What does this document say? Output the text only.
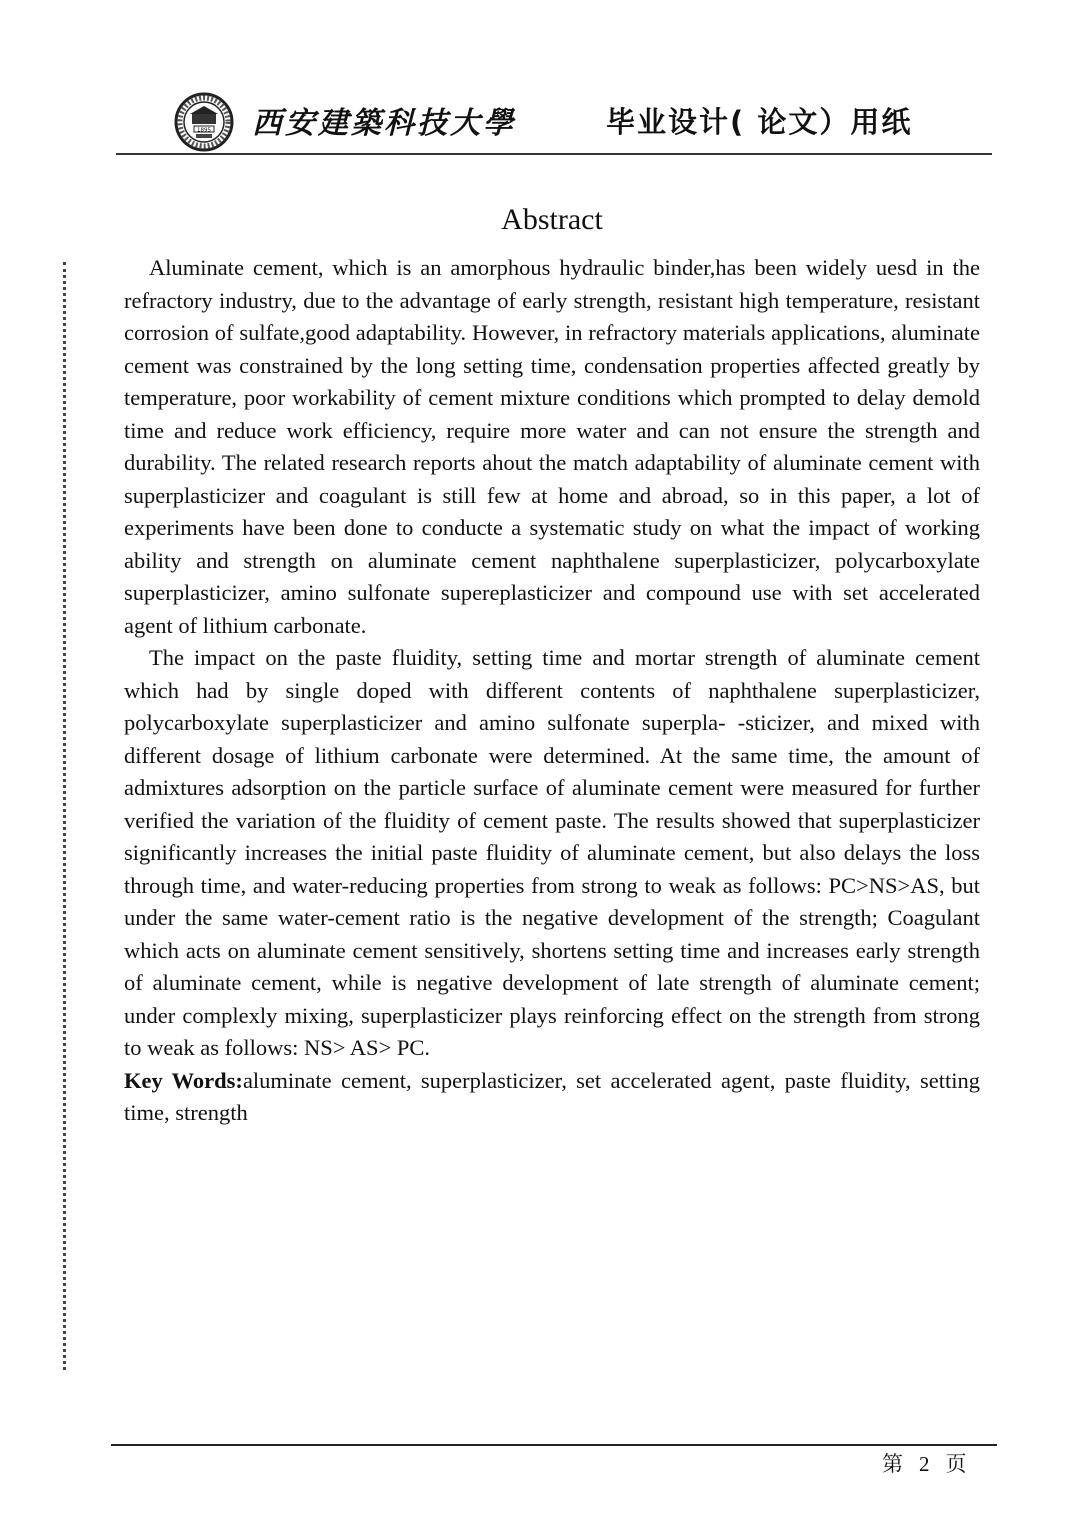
1895 西安建築科技大學	毕业设计( 论文）用纸
Abstract

Aluminate cement, which is an amorphous hydraulic binder,has been widely uesd in the refractory industry, due to the advantage of early strength, resistant high temperature, resistant corrosion of sulfate,good adaptability. However, in refractory materials applications, aluminate cement was constrained by the long setting time, condensation properties affected greatly by temperature, poor workability of cement mixture conditions which prompted to delay demold time and reduce work efficiency, require more water and can not ensure the strength and durability. The related research reports ahout the match adaptability of aluminate cement with superplasticizer and coagulant is still few at home and abroad, so in this paper, a lot of experiments have been done to conducte a systematic study on what the impact of working ability and strength on aluminate cement naphthalene superplasticizer, polycarboxylate superplasticizer, amino sulfonate supereplasticizer and compound use with set accelerated agent of lithium carbonate.

The impact on the paste fluidity, setting time and mortar strength of aluminate cement which had by single doped with different contents of naphthalene superplasticizer, polycarboxylate superplasticizer and amino sulfonate superpla- -sticizer, and mixed with different dosage of lithium carbonate were determined. At the same time, the amount of admixtures adsorption on the particle surface of aluminate cement were measured for further verified the variation of the fluidity of cement paste. The results showed that superplasticizer significantly increases the initial paste fluidity of aluminate cement, but also delays the loss through time, and water-reducing properties from strong to weak as follows: PC>NS>AS, but under the same water-cement ratio is the negative development of the strength; Coagulant which acts on aluminate cement sensitively, shortens setting time and increases early strength of aluminate cement, while is negative development of late strength of aluminate cement; under complexly mixing, superplasticizer plays reinforcing effect on the strength from strong to weak as follows: NS> AS> PC.

Key Words:aluminate cement, superplasticizer, set accelerated agent, paste fluidity, setting time, strength

第 2 页
